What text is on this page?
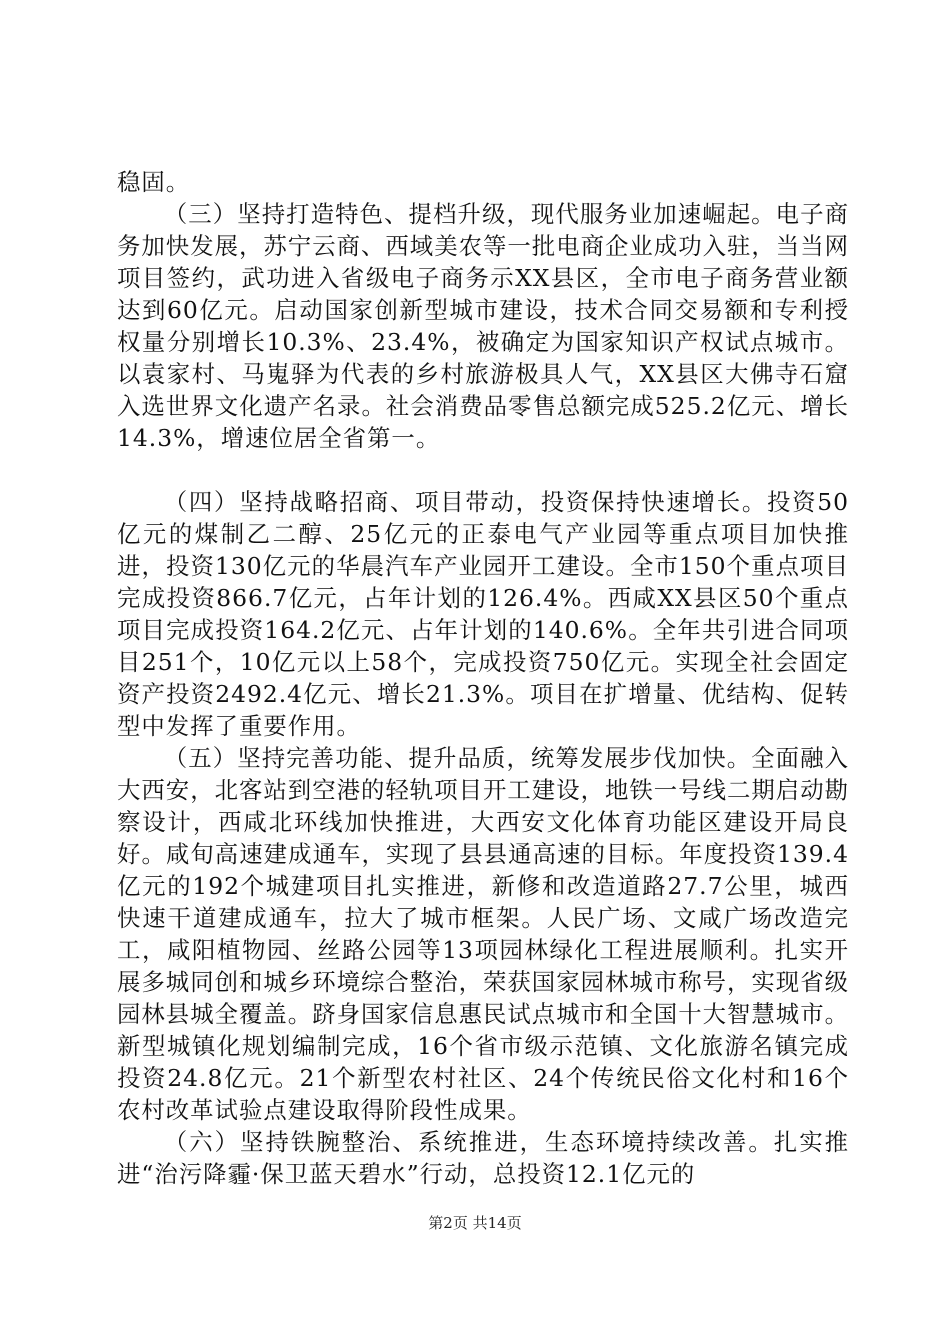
稳固。

（三）坚持打造特色、提档升级，现代服务业加速崛起。电子商务加快发展，苏宁云商、西域美农等一批电商企业成功入驻，当当网项目签约，武功进入省级电子商务示XX县区，全市电子商务营业额达到60亿元。启动国家创新型城市建设，技术合同交易额和专利授权量分别增长10.3%、23.4%，被确定为国家知识产权试点城市。以袁家村、马嵬驿为代表的乡村旅游极具人气，XX县区大佛寺石窟入选世界文化遗产名录。社会消费品零售总额完成525.2亿元、增长14.3%，增速位居全省第一。

（四）坚持战略招商、项目带动，投资保持快速增长。投资50亿元的煤制乙二醇、25亿元的正泰电气产业园等重点项目加快推进，投资130亿元的华晨汽车产业园开工建设。全市150个重点项目完成投资866.7亿元，占年计划的126.4%。西咸XX县区50个重点项目完成投资164.2亿元、占年计划的140.6%。全年共引进合同项目251个，10亿元以上58个，完成投资750亿元。实现全社会固定资产投资2492.4亿元、增长21.3%。项目在扩增量、优结构、促转型中发挥了重要作用。

（五）坚持完善功能、提升品质，统筹发展步伐加快。全面融入大西安，北客站到空港的轻轨项目开工建设，地铁一号线二期启动勘察设计，西咸北环线加快推进，大西安文化体育功能区建设开局良好。咸旬高速建成通车，实现了县县通高速的目标。年度投资139.4亿元的192个城建项目扎实推进，新修和改造道路27.7公里，城西快速干道建成通车，拉大了城市框架。人民广场、文咸广场改造完工，咸阳植物园、丝路公园等13项园林绿化工程进展顺利。扎实开展多城同创和城乡环境综合整治，荣获国家园林城市称号，实现省级园林县城全覆盖。跻身国家信息惠民试点城市和全国十大智慧城市。新型城镇化规划编制完成，16个省市级示范镇、文化旅游名镇完成投资24.8亿元。21个新型农村社区、24个传统民俗文化村和16个农村改革试验点建设取得阶段性成果。

（六）坚持铁腕整治、系统推进，生态环境持续改善。扎实推进“治污降霾·保卫蓝天碧水”行动，总投资12.1亿元的

第2页 共14页
